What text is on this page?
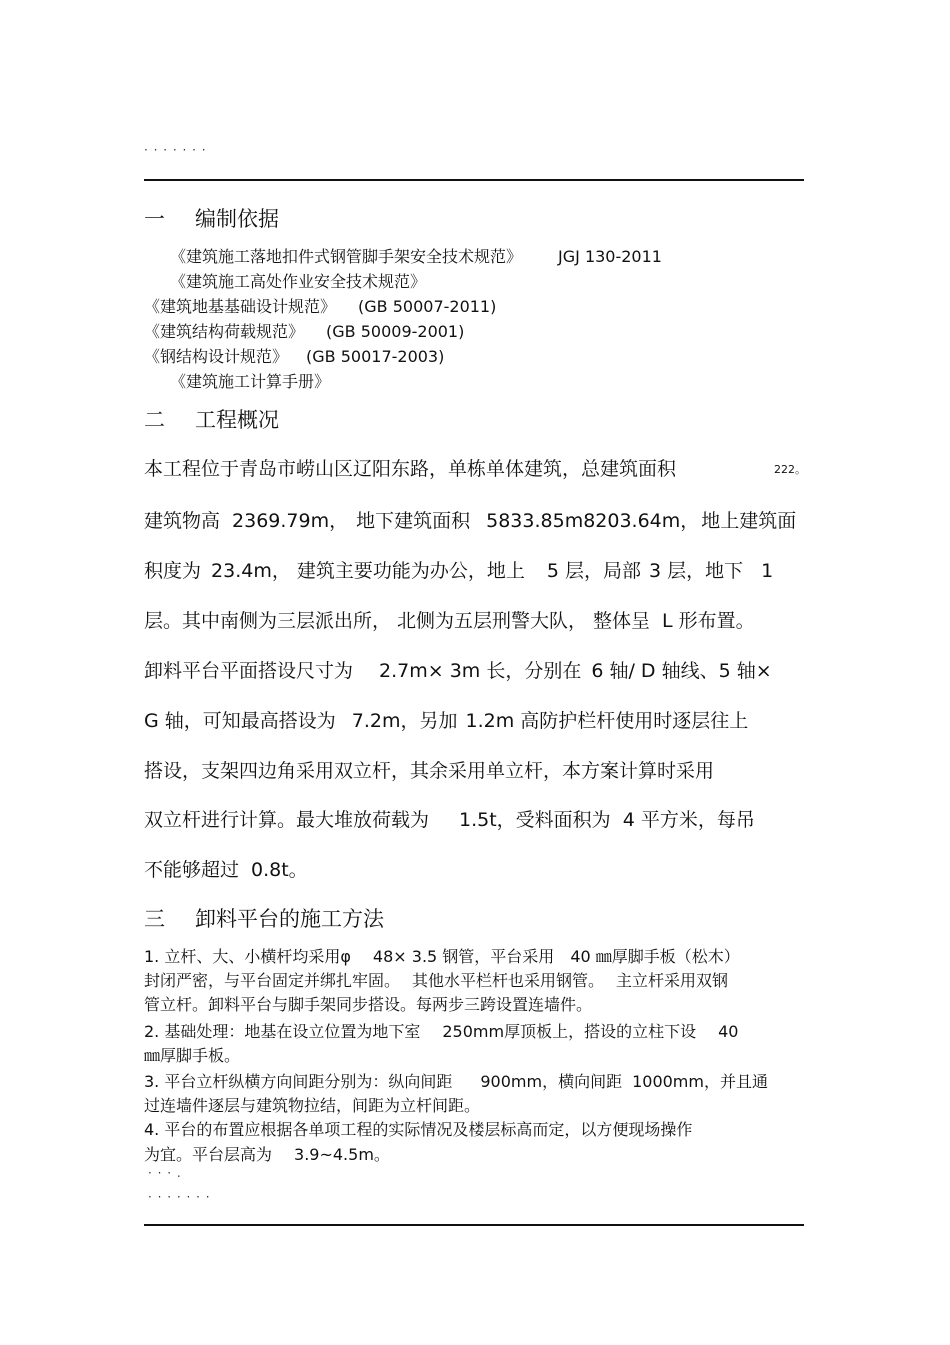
· · · · · · ·
一 编制依据
《建筑施工落地扣件式钢管脚手架安全技术规范》 JGJ 130-2011
《建筑施工高处作业安全技术规范》
《建筑地基基础设计规范》 (GB 50007-2011)
《建筑结构荷载规范》 (GB 50009-2001)
《钢结构设计规范》 (GB 50017-2003)
《建筑施工计算手册》
二 工程概况
本工程位于青岛市崂山区辽阳东路，单栋单体建筑，总建筑面积	222。
建筑物高 2369.79m， 地下建筑面积 5833.85m8203.64m， 地上建筑面
积度为 23.4m， 建筑主要功能为办公，地上 5 层，局部 3 层，地下 1
层。其中南侧为三层派出所， 北侧为五层刑警大队， 整体呈 L 形布置。
卸料平台平面搭设尺寸为 2.7m× 3m 长，分别在 6 轴/ D 轴线、5 轴×
G 轴，可知最高搭设为 7.2m，另加 1.2m 高防护栏杆使用时逐层往上
搭设，支架四边角采用双立杆，其余采用单立杆，本方案计算时采用
双立杆进行计算。最大堆放荷载为 1.5t，受料面积为 4 平方米，每吊
不能够超过 0.8t。
三 卸料平台的施工方法
1. 立杆、大、小横杆均采用φ 48× 3.5 钢管，平台采用 40 ㎜厚脚手板（松木）
封闭严密，与平台固定并绑扎牢固。 其他水平栏杆也采用钢管。 主立杆采用双钢
管立杆。卸料平台与脚手架同步搭设。每两步三跨设置连墙件。
2. 基础处理：地基在设立位置为地下室 250mm厚顶板上，搭设的立柱下设 40
㎜厚脚手板。
3. 平台立杆纵横方向间距分别为：纵向间距 900mm，横向间距 1000mm，并且通
过连墙件逐层与建筑物拉结，间距为立杆间距。
4. 平台的布置应根据各单项工程的实际情况及楼层标高而定，以方便现场操作
为宜。平台层高为 3.9~4.5m。
· · · .
· · · · · · ·
